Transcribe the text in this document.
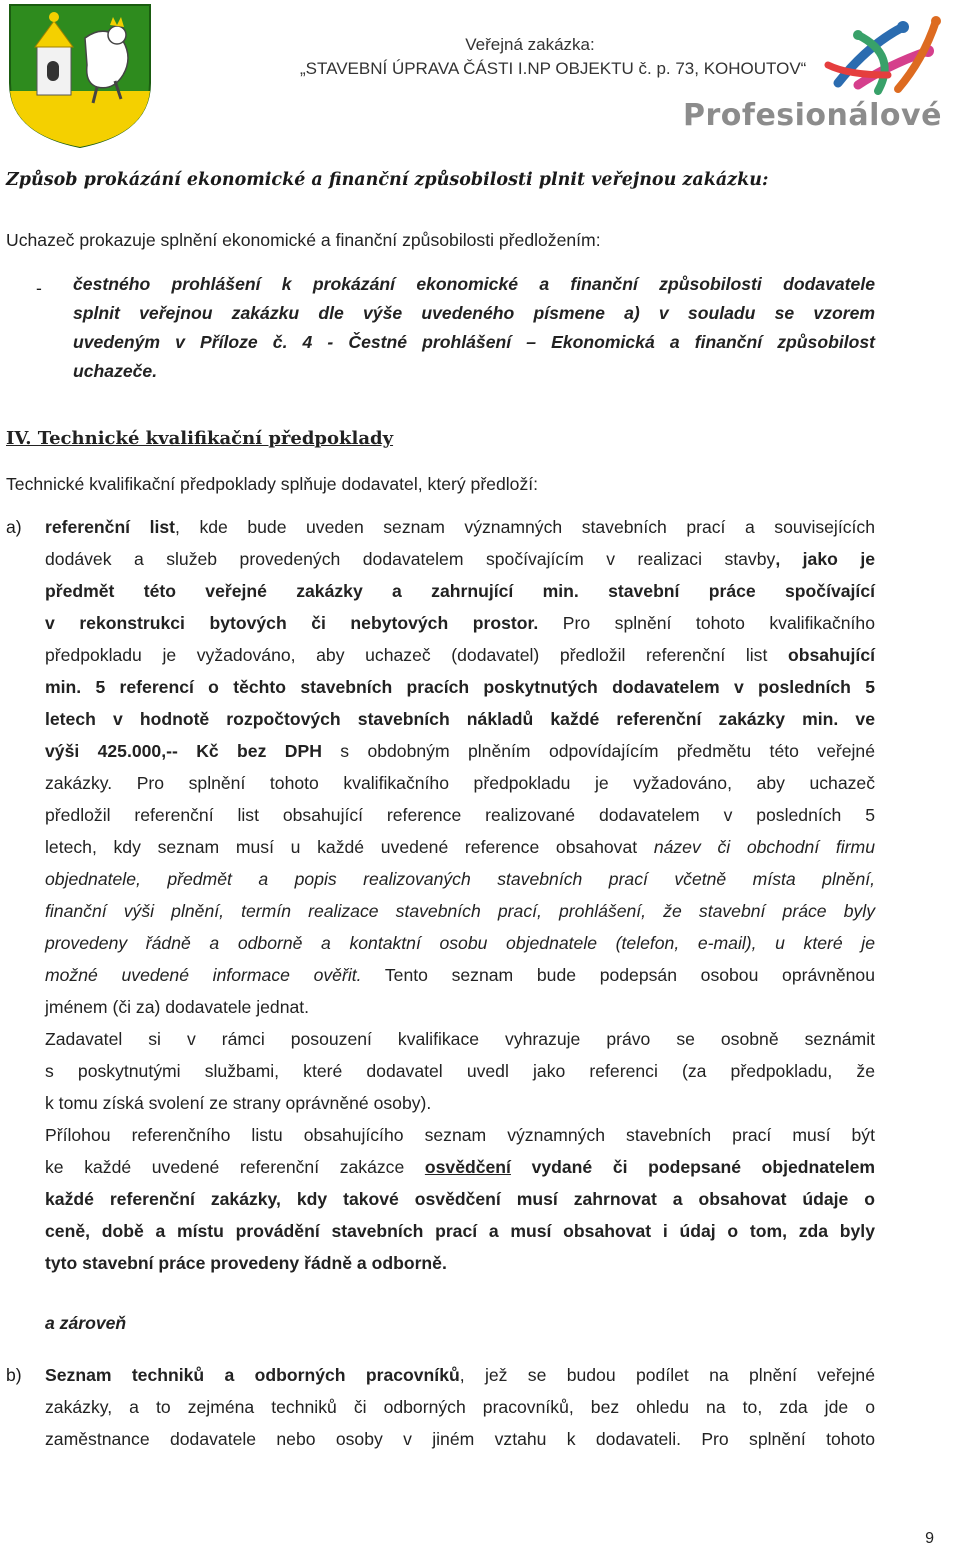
Veřejná zakázka:
„STAVEBNÍ ÚPRAVA ČÁSTI I.NP OBJEKTU č. p. 73, KOHOUTOV“
Profesionálové
Způsob prokázání ekonomické a finanční způsobilosti plnit veřejnou zakázku:
Uchazeč prokazuje splnění ekonomické a finanční způsobilosti předložením:
- čestného prohlášení k prokázání ekonomické a finanční způsobilosti dodavatele
splnit veřejnou zakázku dle výše uvedeného písmene a) v souladu se vzorem
uvedeným v Příloze č. 4 - Čestné prohlášení – Ekonomická a finanční způsobilost
uchazeče.
IV. Technické kvalifikační předpoklady
Technické kvalifikační předpoklady splňuje dodavatel, který předloží:
a) referenční list, kde bude uveden seznam významných stavebních prací a souvisejících
dodávek a služeb provedených dodavatelem spočívajícím v realizaci stavby, jako je
předmět této veřejné zakázky a zahrnující min. stavební práce spočívající
v rekonstrukci bytových či nebytových prostor. Pro splnění tohoto kvalifikačního
předpokladu je vyžadováno, aby uchazeč (dodavatel) předložil referenční list obsahující
min. 5 referencí o těchto stavebních pracích poskytnutých dodavatelem v posledních 5
letech v hodnotě rozpočtových stavebních nákladů každé referenční zakázky min. ve
výši 425.000,-- Kč bez DPH s obdobným plněním odpovídajícím předmětu této veřejné
zakázky. Pro splnění tohoto kvalifikačního předpokladu je vyžadováno, aby uchazeč
předložil referenční list obsahující reference realizované dodavatelem v posledních 5
letech, kdy seznam musí u každé uvedené reference obsahovat název či obchodní firmu
objednatele, předmět a popis realizovaných stavebních prací včetně místa plnění,
finanční výši plnění, termín realizace stavebních prací, prohlášení, že stavební práce byly
provedeny řádně a odborně a kontaktní osobu objednatele (telefon, e-mail), u které je
možné uvedené informace ověřit. Tento seznam bude podepsán osobou oprávněnou
jménem (či za) dodavatele jednat.
Zadavatel si v rámci posouzení kvalifikace vyhrazuje právo se osobně seznámit
s poskytnutými službami, které dodavatel uvedl jako referenci (za předpokladu, že
k tomu získá svolení ze strany oprávněné osoby).
Přílohou referenčního listu obsahujícího seznam významných stavebních prací musí být
ke každé uvedené referenční zakázce osvědčení vydané či podepsané objednatelem
každé referenční zakázky, kdy takové osvědčení musí zahrnovat a obsahovat údaje o
ceně, době a místu provádění stavebních prací a musí obsahovat i údaj o tom, zda byly
tyto stavební práce provedeny řádně a odborně.
a zároveň
b) Seznam techniků a odborných pracovníků, jež se budou podílet na plnění veřejné
zakázky, a to zejména techniků či odborných pracovníků, bez ohledu na to, zda jde o
zaměstnance dodavatele nebo osoby v jiném vztahu k dodavateli. Pro splnění tohoto
9
